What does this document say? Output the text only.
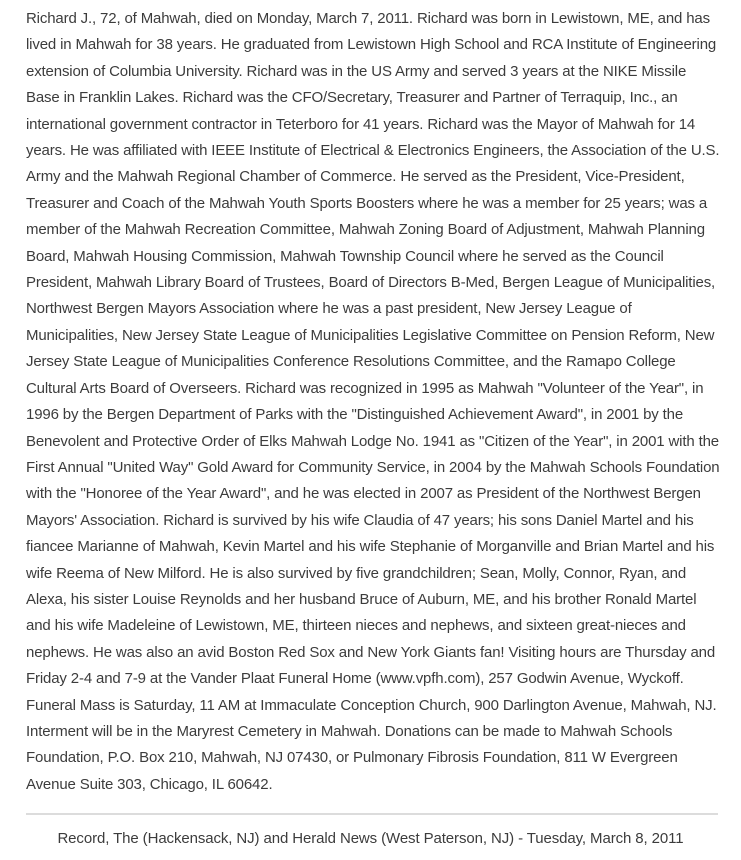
Richard J., 72, of Mahwah, died on Monday, March 7, 2011. Richard was born in Lewistown, ME, and has lived in Mahwah for 38 years. He graduated from Lewistown High School and RCA Institute of Engineering extension of Columbia University. Richard was in the US Army and served 3 years at the NIKE Missile Base in Franklin Lakes. Richard was the CFO/Secretary, Treasurer and Partner of Terraquip, Inc., an international government contractor in Teterboro for 41 years. Richard was the Mayor of Mahwah for 14 years. He was affiliated with IEEE Institute of Electrical & Electronics Engineers, the Association of the U.S. Army and the Mahwah Regional Chamber of Commerce. He served as the President, Vice-President, Treasurer and Coach of the Mahwah Youth Sports Boosters where he was a member for 25 years; was a member of the Mahwah Recreation Committee, Mahwah Zoning Board of Adjustment, Mahwah Planning Board, Mahwah Housing Commission, Mahwah Township Council where he served as the Council President, Mahwah Library Board of Trustees, Board of Directors B-Med, Bergen League of Municipalities, Northwest Bergen Mayors Association where he was a past president, New Jersey League of Municipalities, New Jersey State League of Municipalities Legislative Committee on Pension Reform, New Jersey State League of Municipalities Conference Resolutions Committee, and the Ramapo College Cultural Arts Board of Overseers. Richard was recognized in 1995 as Mahwah "Volunteer of the Year", in 1996 by the Bergen Department of Parks with the "Distinguished Achievement Award", in 2001 by the Benevolent and Protective Order of Elks Mahwah Lodge No. 1941 as "Citizen of the Year", in 2001 with the First Annual "United Way" Gold Award for Community Service, in 2004 by the Mahwah Schools Foundation with the "Honoree of the Year Award", and he was elected in 2007 as President of the Northwest Bergen Mayors' Association. Richard is survived by his wife Claudia of 47 years; his sons Daniel Martel and his fiancee Marianne of Mahwah, Kevin Martel and his wife Stephanie of Morganville and Brian Martel and his wife Reema of New Milford. He is also survived by five grandchildren; Sean, Molly, Connor, Ryan, and Alexa, his sister Louise Reynolds and her husband Bruce of Auburn, ME, and his brother Ronald Martel and his wife Madeleine of Lewistown, ME, thirteen nieces and nephews, and sixteen great-nieces and nephews. He was also an avid Boston Red Sox and New York Giants fan! Visiting hours are Thursday and Friday 2-4 and 7-9 at the Vander Plaat Funeral Home (www.vpfh.com), 257 Godwin Avenue, Wyckoff. Funeral Mass is Saturday, 11 AM at Immaculate Conception Church, 900 Darlington Avenue, Mahwah, NJ. Interment will be in the Maryrest Cemetery in Mahwah. Donations can be made to Mahwah Schools Foundation, P.O. Box 210, Mahwah, NJ 07430, or Pulmonary Fibrosis Foundation, 811 W Evergreen Avenue Suite 303, Chicago, IL 60642.

Record, The (Hackensack, NJ) and Herald News (West Paterson, NJ) - Tuesday, March 8, 2011
